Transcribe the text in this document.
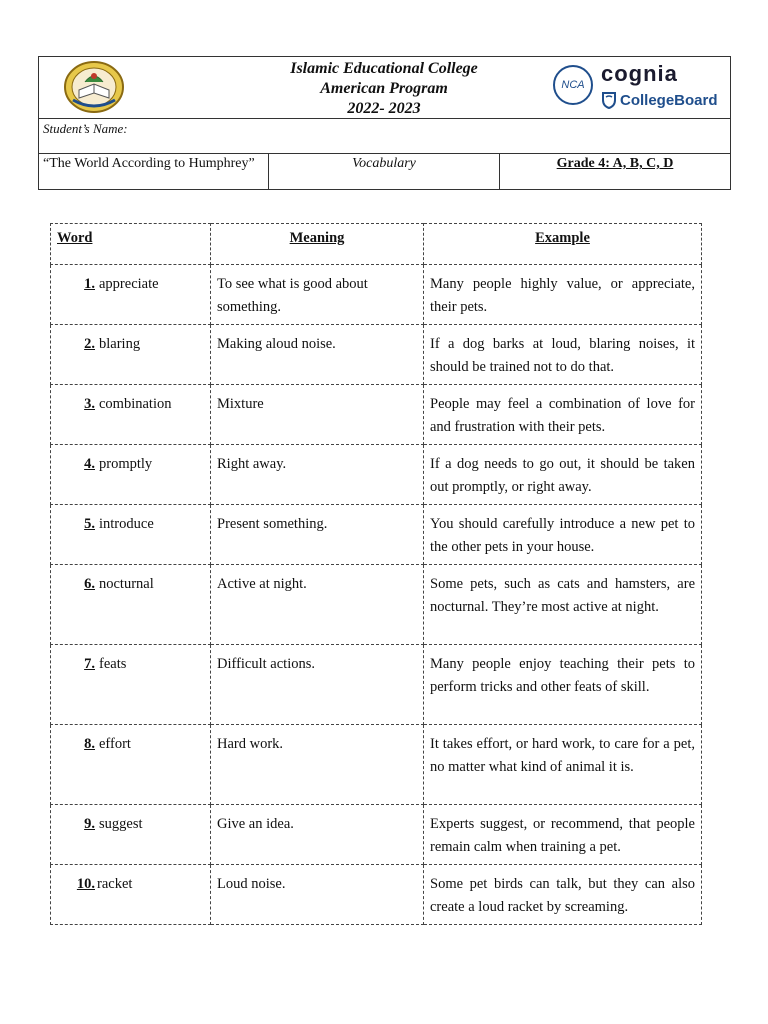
Islamic Educational College
American Program
2022- 2023
NCA cognia
CollegeBoard
Student’s Name:
“The World According to Humphrey”	Vocabulary	Grade 4: A, B, C, D
Word	Meaning	Example
1. appreciate	To see what is good about something.	Many people highly value, or appreciate, their pets.
2. blaring	Making aloud noise.	If a dog barks at loud, blaring noises, it should be trained not to do that.
3. combination	Mixture	People may feel a combination of love for and frustration with their pets.
4. promptly	Right away.	If a dog needs to go out, it should be taken out promptly, or right away.
5. introduce	Present something.	You should carefully introduce a new pet to the other pets in your house.
6. nocturnal	Active at night.	Some pets, such as cats and hamsters, are nocturnal. They’re most active at night.
7. feats	Difficult actions.	Many people enjoy teaching their pets to perform tricks and other feats of skill.
8. effort	Hard work.	It takes effort, or hard work, to care for a pet, no matter what kind of animal it is.
9. suggest	Give an idea.	Experts suggest, or recommend, that people remain calm when training a pet.
10. racket	Loud noise.	Some pet birds can talk, but they can also create a loud racket by screaming.
